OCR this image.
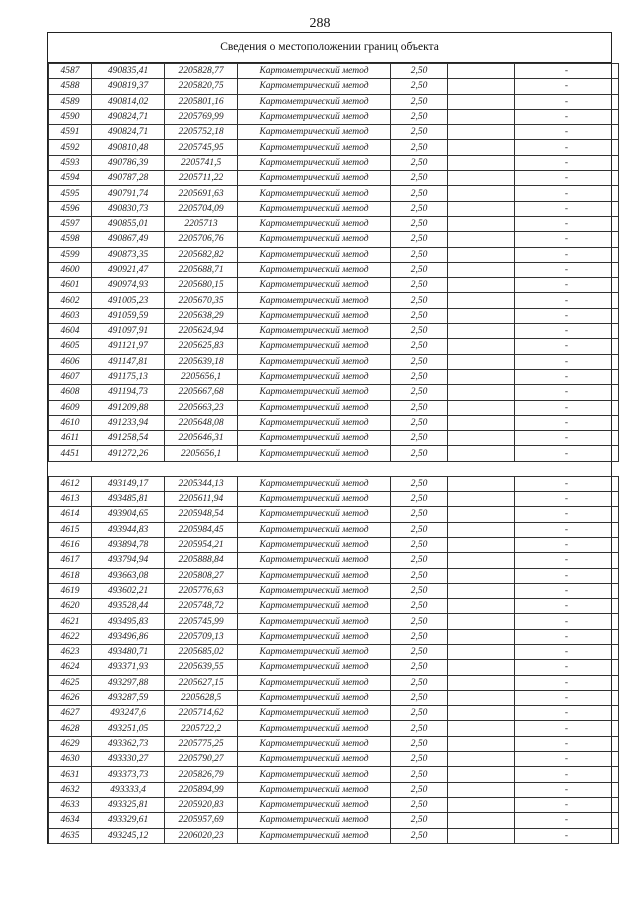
288
Сведения о местоположении границ объекта
4587	490835,41	2205828,77	Картометрический метод	2,50		-
4588	490819,37	2205820,75	Картометрический метод	2,50		-
4589	490814,02	2205801,16	Картометрический метод	2,50		-
4590	490824,71	2205769,99	Картометрический метод	2,50		-
4591	490824,71	2205752,18	Картометрический метод	2,50		-
4592	490810,48	2205745,95	Картометрический метод	2,50		-
4593	490786,39	2205741,5	Картометрический метод	2,50		-
4594	490787,28	2205711,22	Картометрический метод	2,50		-
4595	490791,74	2205691,63	Картометрический метод	2,50		-
4596	490830,73	2205704,09	Картометрический метод	2,50		-
4597	490855,01	2205713	Картометрический метод	2,50		-
4598	490867,49	2205706,76	Картометрический метод	2,50		-
4599	490873,35	2205682,82	Картометрический метод	2,50		-
4600	490921,47	2205688,71	Картометрический метод	2,50		-
4601	490974,93	2205680,15	Картометрический метод	2,50		-
4602	491005,23	2205670,35	Картометрический метод	2,50		-
4603	491059,59	2205638,29	Картометрический метод	2,50		-
4604	491097,91	2205624,94	Картометрический метод	2,50		-
4605	491121,97	2205625,83	Картометрический метод	2,50		-
4606	491147,81	2205639,18	Картометрический метод	2,50		-
4607	491175,13	2205656,1	Картометрический метод	2,50		-
4608	491194,73	2205667,68	Картометрический метод	2,50		-
4609	491209,88	2205663,23	Картометрический метод	2,50		-
4610	491233,94	2205648,08	Картометрический метод	2,50		-
4611	491258,54	2205646,31	Картометрический метод	2,50		-
4451	491272,26	2205656,1	Картометрический метод	2,50		-

4612	493149,17	2205344,13	Картометрический метод	2,50		-
4613	493485,81	2205611,94	Картометрический метод	2,50		-
4614	493904,65	2205948,54	Картометрический метод	2,50		-
4615	493944,83	2205984,45	Картометрический метод	2,50		-
4616	493894,78	2205954,21	Картометрический метод	2,50		-
4617	493794,94	2205888,84	Картометрический метод	2,50		-
4618	493663,08	2205808,27	Картометрический метод	2,50		-
4619	493602,21	2205776,63	Картометрический метод	2,50		-
4620	493528,44	2205748,72	Картометрический метод	2,50		-
4621	493495,83	2205745,99	Картометрический метод	2,50		-
4622	493496,86	2205709,13	Картометрический метод	2,50		-
4623	493480,71	2205685,02	Картометрический метод	2,50		-
4624	493371,93	2205639,55	Картометрический метод	2,50		-
4625	493297,88	2205627,15	Картометрический метод	2,50		-
4626	493287,59	2205628,5	Картометрический метод	2,50		-
4627	493247,6	2205714,62	Картометрический метод	2,50		-
4628	493251,05	2205722,2	Картометрический метод	2,50		-
4629	493362,73	2205775,25	Картометрический метод	2,50		-
4630	493330,27	2205790,27	Картометрический метод	2,50		-
4631	493373,73	2205826,79	Картометрический метод	2,50		-
4632	493333,4	2205894,99	Картометрический метод	2,50		-
4633	493325,81	2205920,83	Картометрический метод	2,50		-
4634	493329,61	2205957,69	Картометрический метод	2,50		-
4635	493245,12	2206020,23	Картометрический метод	2,50		-
